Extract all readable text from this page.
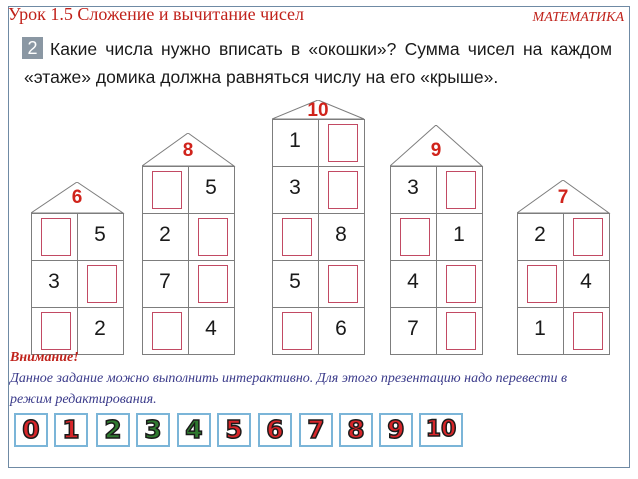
Урок 1.5 Сложение и вычитание чисел	МАТЕМАТИКА
2 Какие числа нужно вписать в «окошки»? Сумма чисел на каждом «этаже» домика должна равняться числу на его «крыше».
6
5
3
2
8
5
2
7
4
10
1
3
8
5
6
9
3
1
4
7
7
2
4
1
Внимание!
Данное задание можно выполнить интерактивно. Для этого презентацию надо перевести в режим редактирования.
0 1 2 3 4 5 6 7 8 9 10
